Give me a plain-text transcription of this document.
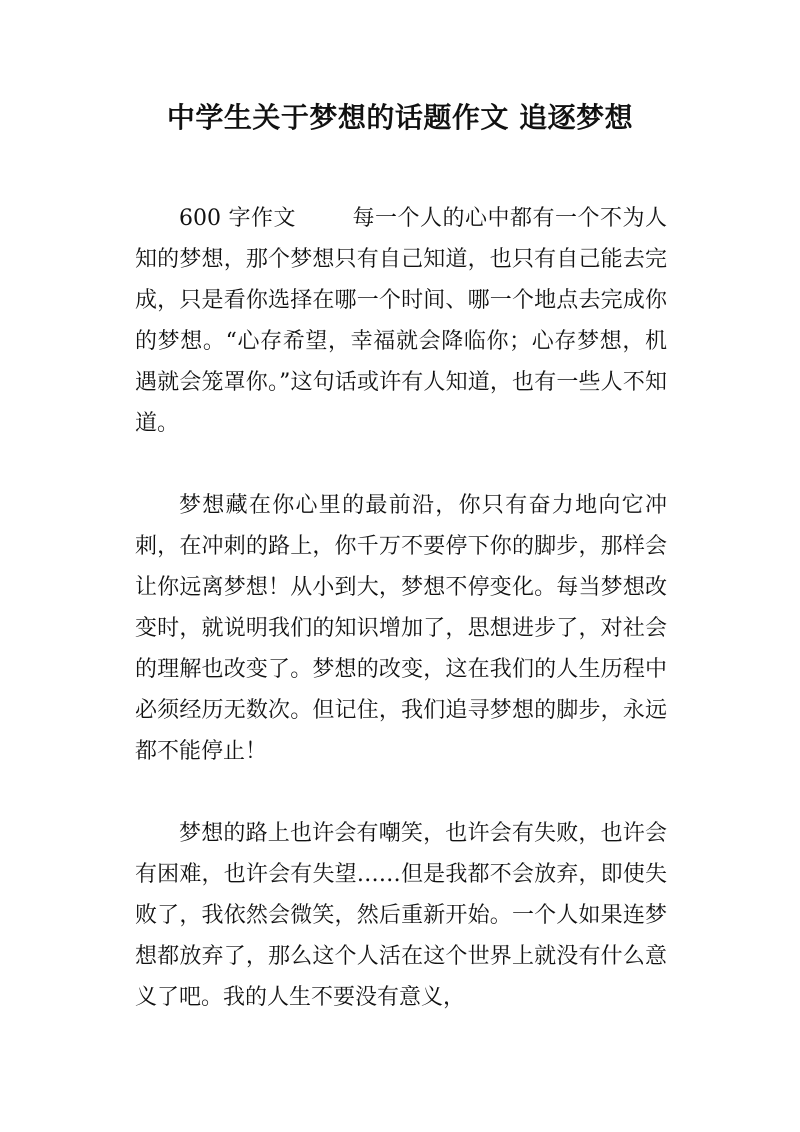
中学生关于梦想的话题作文 追逐梦想

600 字作文	每一个人的心中都有一个不为人知的梦想，那个梦想只有自己知道，也只有自己能去完成，只是看你选择在哪一个时间、哪一个地点去完成你的梦想。“心存希望，幸福就会降临你；心存梦想，机遇就会笼罩你。”这句话或许有人知道，也有一些人不知道。

梦想藏在你心里的最前沿，你只有奋力地向它冲刺，在冲刺的路上，你千万不要停下你的脚步，那样会让你远离梦想！从小到大，梦想不停变化。每当梦想改变时，就说明我们的知识增加了，思想进步了，对社会的理解也改变了。梦想的改变，这在我们的人生历程中必须经历无数次。但记住，我们追寻梦想的脚步，永远都不能停止！

梦想的路上也许会有嘲笑，也许会有失败，也许会有困难，也许会有失望……但是我都不会放弃，即使失败了，我依然会微笑，然后重新开始。一个人如果连梦想都放弃了，那么这个人活在这个世界上就没有什么意义了吧。我的人生不要没有意义，
